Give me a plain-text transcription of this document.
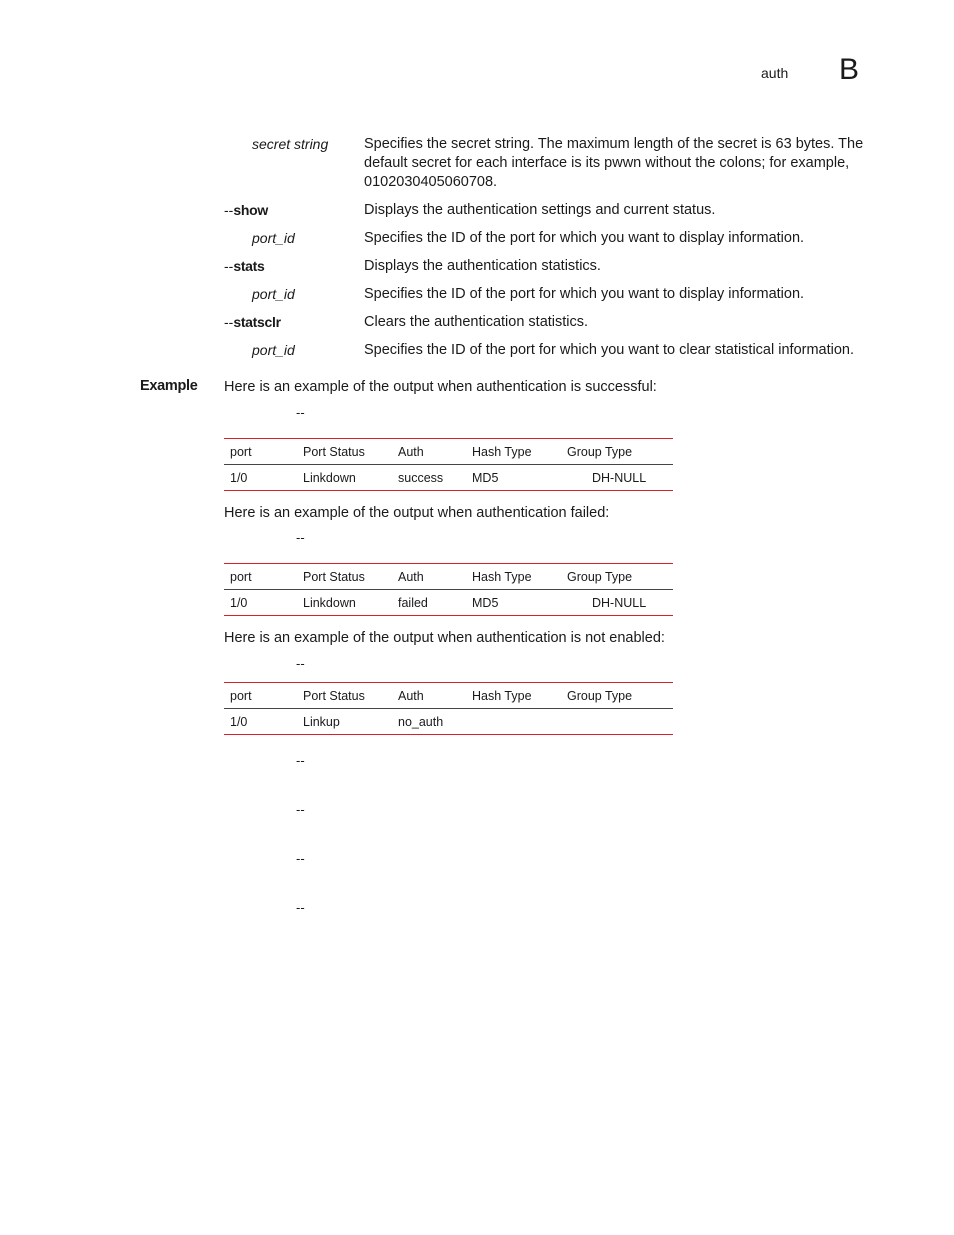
auth B
secret string Specifies the secret string. The maximum length of the secret is 63 bytes. The default secret for each interface is its pwwn without the colons; for example, 0102030405060708.
--show	Displays the authentication settings and current status.
port_id	Specifies the ID of the port for which you want to display information.
--stats	Displays the authentication statistics.
port_id	Specifies the ID of the port for which you want to display information.
--statsclr	Clears the authentication statistics.
port_id	Specifies the ID of the port for which you want to clear statistical information.
Example Here is an example of the output when authentication is successful:
--
port	Port Status	Auth	Hash Type	Group Type
1/0	Linkdown	success	MD5	DH-NULL
Here is an example of the output when authentication failed:
--
port	Port Status	Auth	Hash Type	Group Type
1/0	Linkdown	failed	MD5	DH-NULL
Here is an example of the output when authentication is not enabled:
--
port	Port Status	Auth	Hash Type	Group Type
1/0	Linkup	no_auth		
--
--
--
--
